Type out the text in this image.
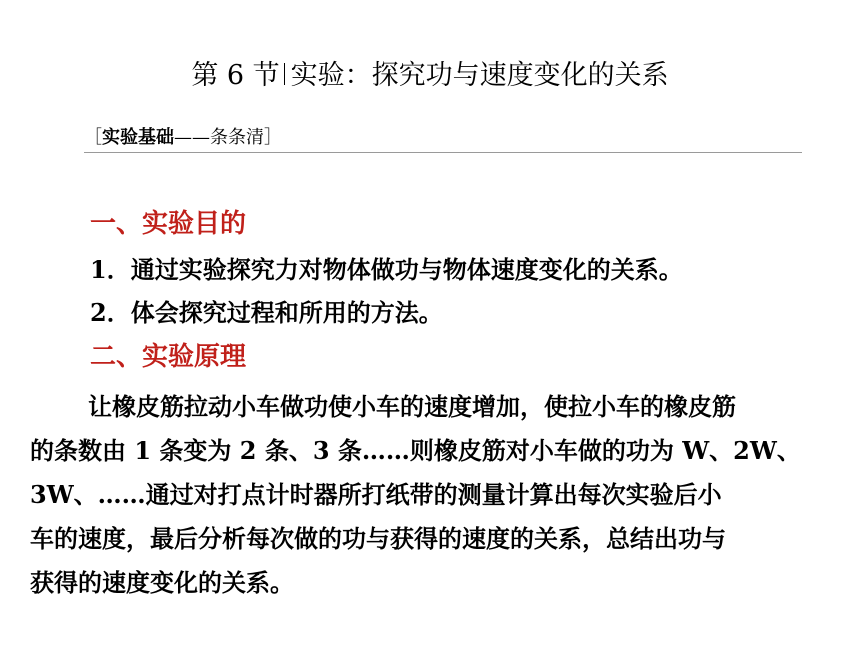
第 6 节 实验：探究功与速度变化的关系
［实验基础——条条清］
一、实验目的
1．通过实验探究力对物体做功与物体速度变化的关系。
2．体会探究过程和所用的方法。
二、实验原理
让橡皮筋拉动小车做功使小车的速度增加，使拉小车的橡皮筋
的条数由 1 条变为 2 条、3 条……则橡皮筋对小车做的功为 W、2W、
3W、……通过对打点计时器所打纸带的测量计算出每次实验后小
车的速度，最后分析每次做的功与获得的速度的关系，总结出功与
获得的速度变化的关系。
